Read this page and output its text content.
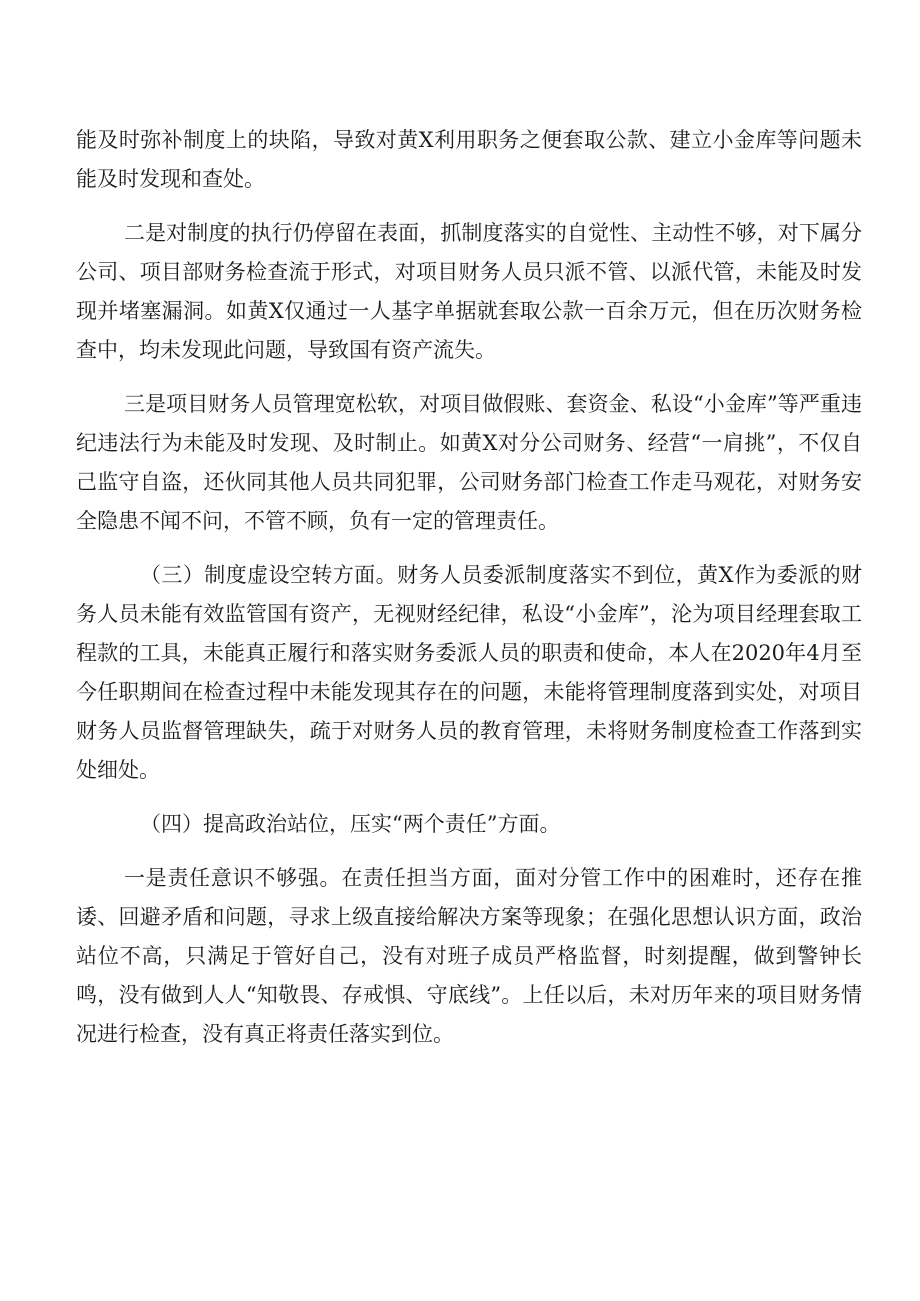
能及时弥补制度上的块陷，导致对黄X利用职务之便套取公款、建立小金库等问题未能及时发现和查处。

二是对制度的执行仍停留在表面，抓制度落实的自觉性、主动性不够，对下属分公司、项目部财务检查流于形式，对项目财务人员只派不管、以派代管，未能及时发现并堵塞漏洞。如黄X仅通过一人基字单据就套取公款一百余万元，但在历次财务检查中，均未发现此问题，导致国有资产流失。

三是项目财务人员管理宽松软，对项目做假账、套资金、私设“小金库”等严重违纪违法行为未能及时发现、及时制止。如黄X对分公司财务、经营“一肩挑”，不仅自己监守自盗，还伙同其他人员共同犯罪，公司财务部门检查工作走马观花，对财务安全隐患不闻不问，不管不顾，负有一定的管理责任。

（三）制度虚设空转方面。财务人员委派制度落实不到位，黄X作为委派的财务人员未能有效监管国有资产，无视财经纪律，私设“小金库”，沦为项目经理套取工程款的工具，未能真正履行和落实财务委派人员的职责和使命，本人在2020年4月至今任职期间在检查过程中未能发现其存在的问题，未能将管理制度落到实处，对项目财务人员监督管理缺失，疏于对财务人员的教育管理，未将财务制度检查工作落到实处细处。

（四）提高政治站位，压实“两个责任”方面。

一是责任意识不够强。在责任担当方面，面对分管工作中的困难时，还存在推诿、回避矛盾和问题，寻求上级直接给解决方案等现象；在强化思想认识方面，政治站位不高，只满足于管好自己，没有对班子成员严格监督，时刻提醒，做到警钟长鸣，没有做到人人“知敬畏、存戒惧、守底线”。上任以后，未对历年来的项目财务情况进行检查，没有真正将责任落实到位。
